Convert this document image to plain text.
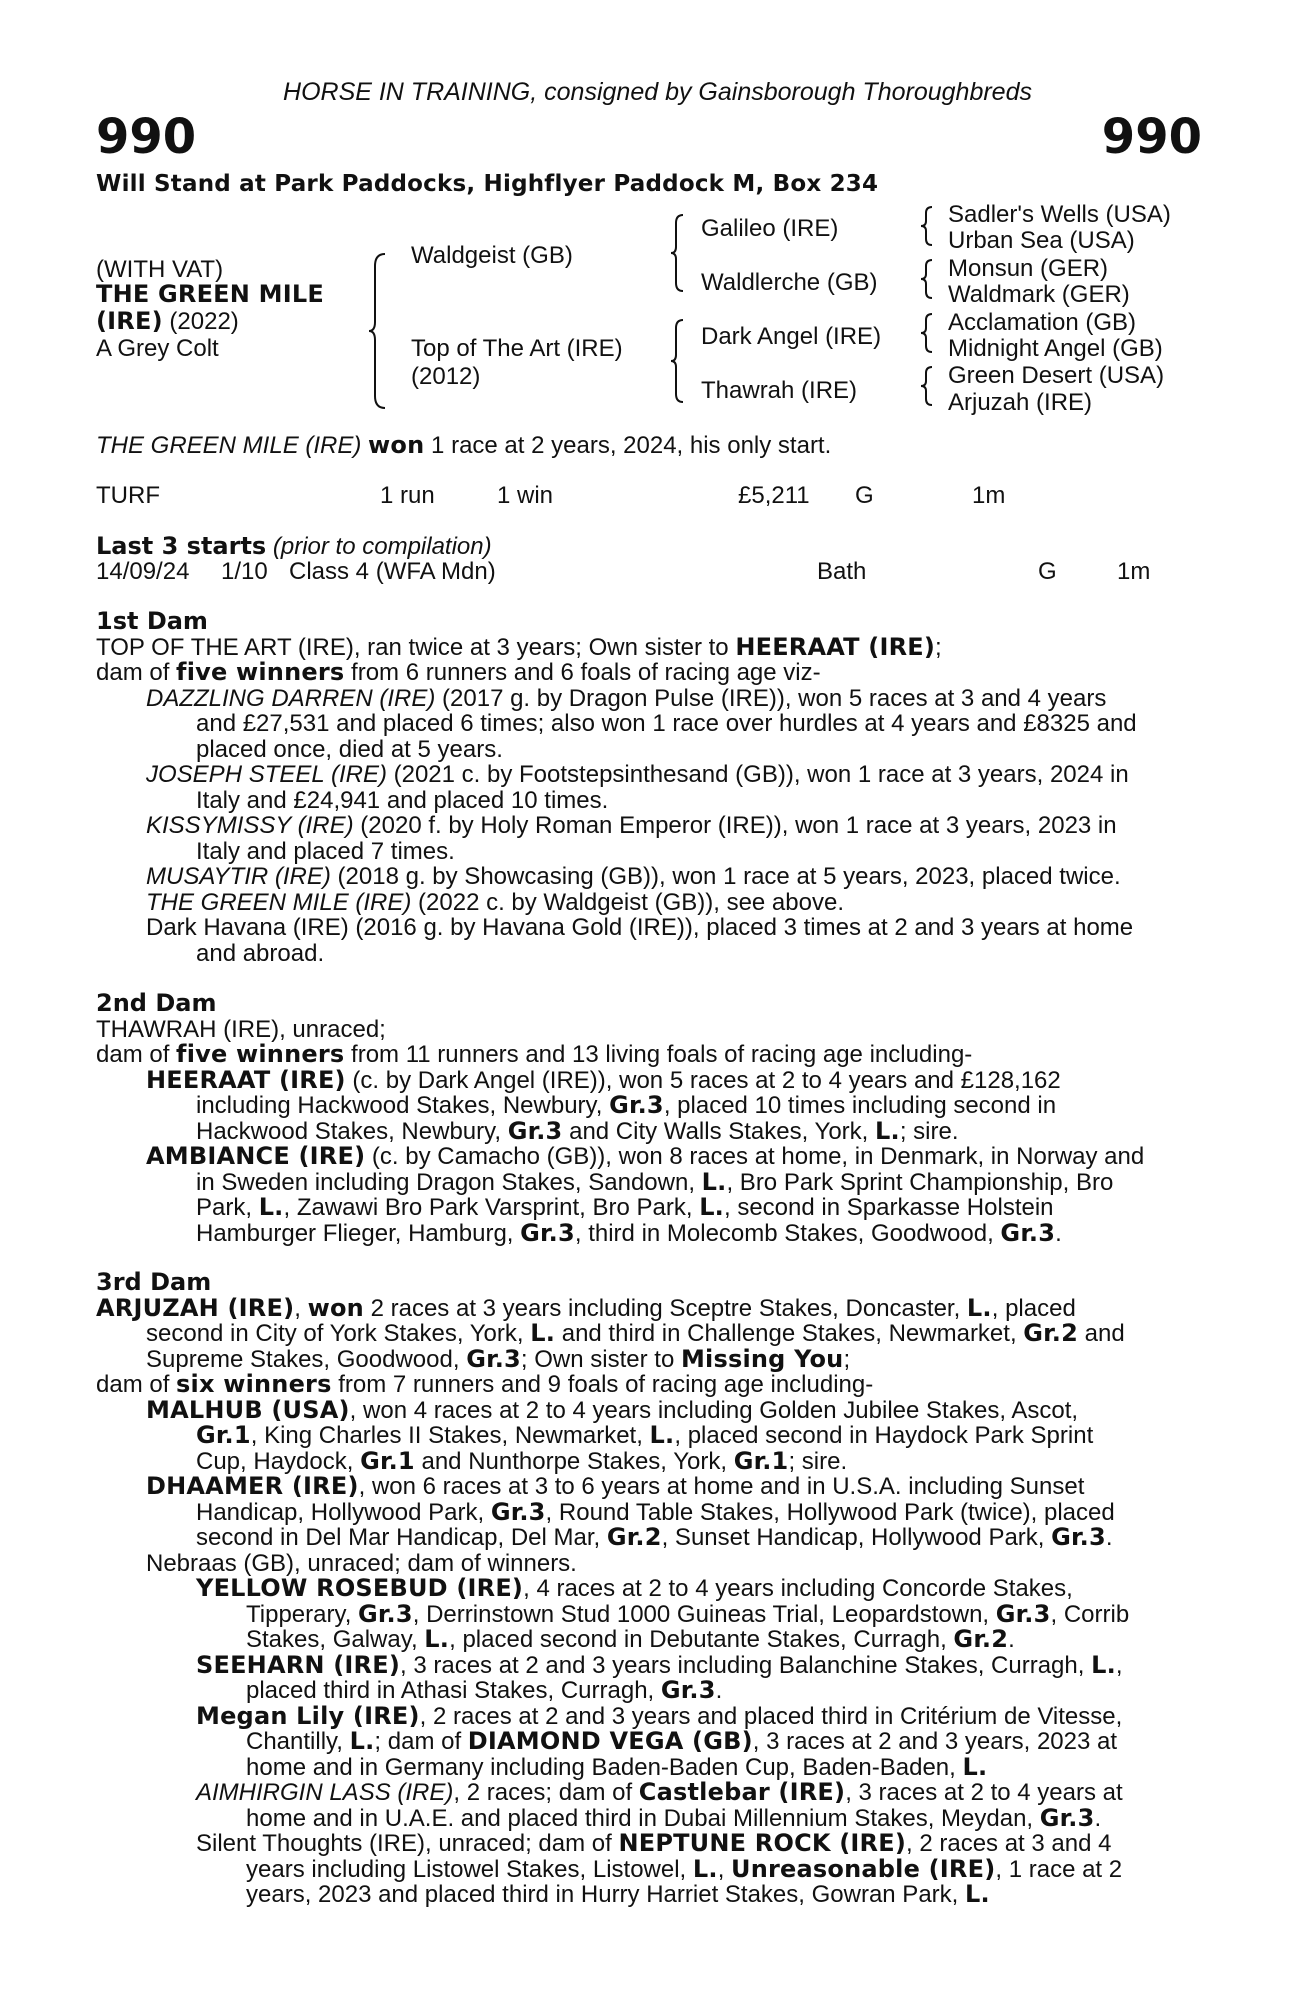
HORSE IN TRAINING, consigned by Gainsborough Thoroughbreds
990	990
Will Stand at Park Paddocks, Highflyer Paddock M, Box 234
(WITH VAT)
THE GREEN MILE
(IRE) (2022)
A Grey Colt
Waldgeist (GB)
Top of The Art (IRE)
(2012)
Galileo (IRE)
Waldlerche (GB)
Dark Angel (IRE)
Thawrah (IRE)
Sadler's Wells (USA)
Urban Sea (USA)
Monsun (GER)
Waldmark (GER)
Acclamation (GB)
Midnight Angel (GB)
Green Desert (USA)
Arjuzah (IRE)
THE GREEN MILE (IRE) won 1 race at 2 years, 2024, his only start.
TURF	1 run	1 win	£5,211 G	1m
Last 3 starts (prior to compilation)
14/09/24 1/10 Class 4 (WFA Mdn)	Bath	G	1m
1st Dam
TOP OF THE ART (IRE), ran twice at 3 years; Own sister to HEERAAT (IRE);
dam of five winners from 6 runners and 6 foals of racing age viz-
DAZZLING DARREN (IRE) (2017 g. by Dragon Pulse (IRE)), won 5 races at 3 and 4 years
and £27,531 and placed 6 times; also won 1 race over hurdles at 4 years and £8325 and
placed once, died at 5 years.
JOSEPH STEEL (IRE) (2021 c. by Footstepsinthesand (GB)), won 1 race at 3 years, 2024 in
Italy and £24,941 and placed 10 times.
KISSYMISSY (IRE) (2020 f. by Holy Roman Emperor (IRE)), won 1 race at 3 years, 2023 in
Italy and placed 7 times.
MUSAYTIR (IRE) (2018 g. by Showcasing (GB)), won 1 race at 5 years, 2023, placed twice.
THE GREEN MILE (IRE) (2022 c. by Waldgeist (GB)), see above.
Dark Havana (IRE) (2016 g. by Havana Gold (IRE)), placed 3 times at 2 and 3 years at home
and abroad.
2nd Dam
THAWRAH (IRE), unraced;
dam of five winners from 11 runners and 13 living foals of racing age including-
HEERAAT (IRE) (c. by Dark Angel (IRE)), won 5 races at 2 to 4 years and £128,162
including Hackwood Stakes, Newbury, Gr.3, placed 10 times including second in
Hackwood Stakes, Newbury, Gr.3 and City Walls Stakes, York, L.; sire.
AMBIANCE (IRE) (c. by Camacho (GB)), won 8 races at home, in Denmark, in Norway and
in Sweden including Dragon Stakes, Sandown, L., Bro Park Sprint Championship, Bro
Park, L., Zawawi Bro Park Varsprint, Bro Park, L., second in Sparkasse Holstein
Hamburger Flieger, Hamburg, Gr.3, third in Molecomb Stakes, Goodwood, Gr.3.
3rd Dam
ARJUZAH (IRE), won 2 races at 3 years including Sceptre Stakes, Doncaster, L., placed
second in City of York Stakes, York, L. and third in Challenge Stakes, Newmarket, Gr.2 and
Supreme Stakes, Goodwood, Gr.3; Own sister to Missing You;
dam of six winners from 7 runners and 9 foals of racing age including-
MALHUB (USA), won 4 races at 2 to 4 years including Golden Jubilee Stakes, Ascot,
Gr.1, King Charles II Stakes, Newmarket, L., placed second in Haydock Park Sprint
Cup, Haydock, Gr.1 and Nunthorpe Stakes, York, Gr.1; sire.
DHAAMER (IRE), won 6 races at 3 to 6 years at home and in U.S.A. including Sunset
Handicap, Hollywood Park, Gr.3, Round Table Stakes, Hollywood Park (twice), placed
second in Del Mar Handicap, Del Mar, Gr.2, Sunset Handicap, Hollywood Park, Gr.3.
Nebraas (GB), unraced; dam of winners.
YELLOW ROSEBUD (IRE), 4 races at 2 to 4 years including Concorde Stakes,
Tipperary, Gr.3, Derrinstown Stud 1000 Guineas Trial, Leopardstown, Gr.3, Corrib
Stakes, Galway, L., placed second in Debutante Stakes, Curragh, Gr.2.
SEEHARN (IRE), 3 races at 2 and 3 years including Balanchine Stakes, Curragh, L.,
placed third in Athasi Stakes, Curragh, Gr.3.
Megan Lily (IRE), 2 races at 2 and 3 years and placed third in Critérium de Vitesse,
Chantilly, L.; dam of DIAMOND VEGA (GB), 3 races at 2 and 3 years, 2023 at
home and in Germany including Baden-Baden Cup, Baden-Baden, L.
AIMHIRGIN LASS (IRE), 2 races; dam of Castlebar (IRE), 3 races at 2 to 4 years at
home and in U.A.E. and placed third in Dubai Millennium Stakes, Meydan, Gr.3.
Silent Thoughts (IRE), unraced; dam of NEPTUNE ROCK (IRE), 2 races at 3 and 4
years including Listowel Stakes, Listowel, L., Unreasonable (IRE), 1 race at 2
years, 2023 and placed third in Hurry Harriet Stakes, Gowran Park, L.
